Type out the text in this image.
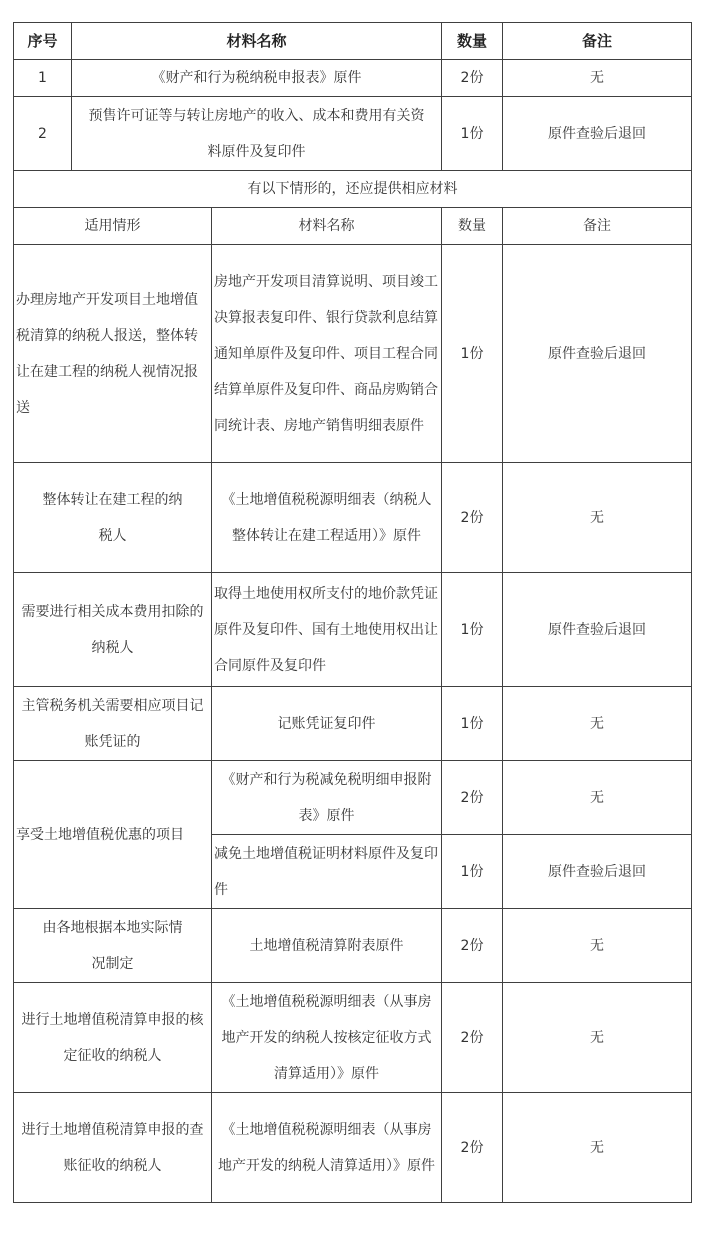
序号	材料名称		数量	备注
1	《财产和行为税纳税申报表》原件		2份	无
2	预售许可证等与转让房地产的收入、成本和费用有关资料原件及复印件		1份	原件查验后退回
有以下情形的，还应提供相应材料				
适用情形		材料名称	数量	备注
办理房地产开发项目土地增值税清算的纳税人报送，整体转让在建工程的纳税人视情况报送		房地产开发项目清算说明、项目竣工决算报表复印件、银行贷款利息结算通知单原件及复印件、项目工程合同结算单原件及复印件、商品房购销合同统计表、房地产销售明细表原件	1份	原件查验后退回
整体转让在建工程的纳税人		《土地增值税税源明细表（纳税人整体转让在建工程适用）》原件	2份	无
需要进行相关成本费用扣除的纳税人		取得土地使用权所支付的地价款凭证原件及复印件、国有土地使用权出让合同原件及复印件	1份	原件查验后退回
主管税务机关需要相应项目记账凭证的		记账凭证复印件	1份	无
享受土地增值税优惠的项目		《财产和行为税减免税明细申报附表》原件	2份	无
		减免土地增值税证明材料原件及复印件	1份	原件查验后退回
由各地根据本地实际情况制定		土地增值税清算附表原件	2份	无
进行土地增值税清算申报的核定征收的纳税人		《土地增值税税源明细表（从事房地产开发的纳税人按核定征收方式清算适用）》原件	2份	无
进行土地增值税清算申报的查账征收的纳税人		《土地增值税税源明细表（从事房地产开发的纳税人清算适用）》原件	2份	无
